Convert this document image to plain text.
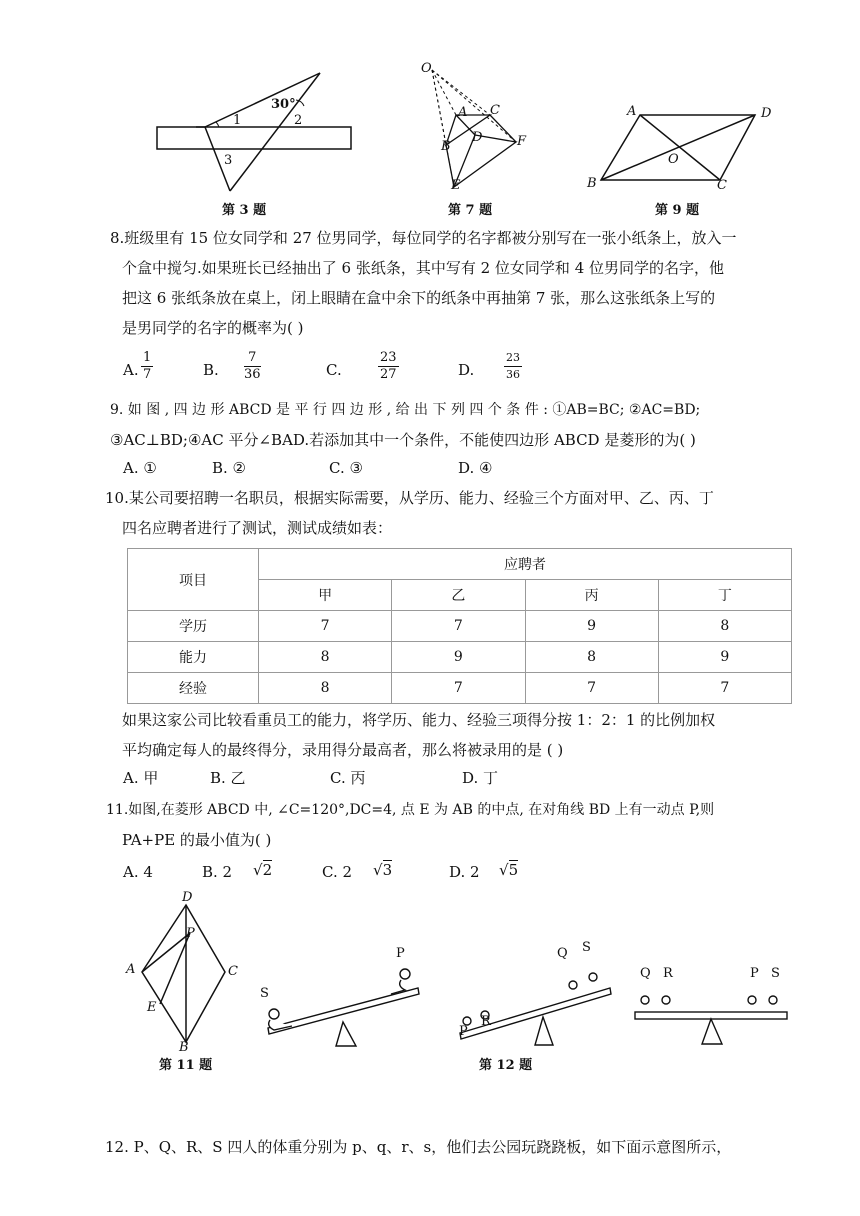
30°
1	2
3
第 3 题
O
A C
D
B	F
E
第 7 题
A	D
O
B	C
第 9 题
8.班级里有 15 位女同学和 27 位男同学，每位同学的名字都被分别写在一张小纸条上，放入一
个盒中搅匀.如果班长已经抽出了 6 张纸条，其中写有 2 位女同学和 4 位男同学的名字，他
把这 6 张纸条放在桌上，闭上眼睛在盒中余下的纸条中再抽第 7 张，那么这张纸条上写的
是男同学的名字的概率为( )
A. $\frac{1}{7}$	B. $\frac{7}{36}$	C.	$\frac{23}{27}$	D.	$\frac{23}{36}$
9. 如 图 , 四 边 形 ABCD 是 平 行 四 边 形 , 给 出 下 列 四 个 条 件 : ①AB=BC; ②AC=BD;
③AC⊥BD;④AC 平分∠BAD.若添加其中一个条件，不能使四边形 ABCD 是菱形的为( )
A. ①	B. ②	C. ③	D. ④
10.某公司要招聘一名职员，根据实际需要，从学历、能力、经验三个方面对甲、乙、丙、丁
四名应聘者进行了测试，测试成绩如表：
项目	应聘者			
	甲	乙	丙	丁
学历	7	7	9	8
能力	8	9	8	9
经验	8	7	7	7
如果这家公司比较看重员工的能力，将学历、能力、经验三项得分按 1：2：1 的比例加权
平均确定每人的最终得分，录用得分最高者，那么将被录用的是 ( )
A. 甲	B. 乙	C. 丙	D. 丁
11.如图,在菱形 ABCD 中, ∠C=120°,DC=4, 点 E 为 AB 的中点, 在对角线 BD 上有一动点 P,则
PA+PE 的最小值为( )
A. 4	B. 2 √2	C. 2 √3	D. 2 √5
D
P
A	C
E
B
第 11 题
S
P
P
R
Q S
第 12 题
Q R	P S
12. P、Q、R、S 四人的体重分别为 p、q、r、s，他们去公园玩跷跷板，如下面示意图所示，
